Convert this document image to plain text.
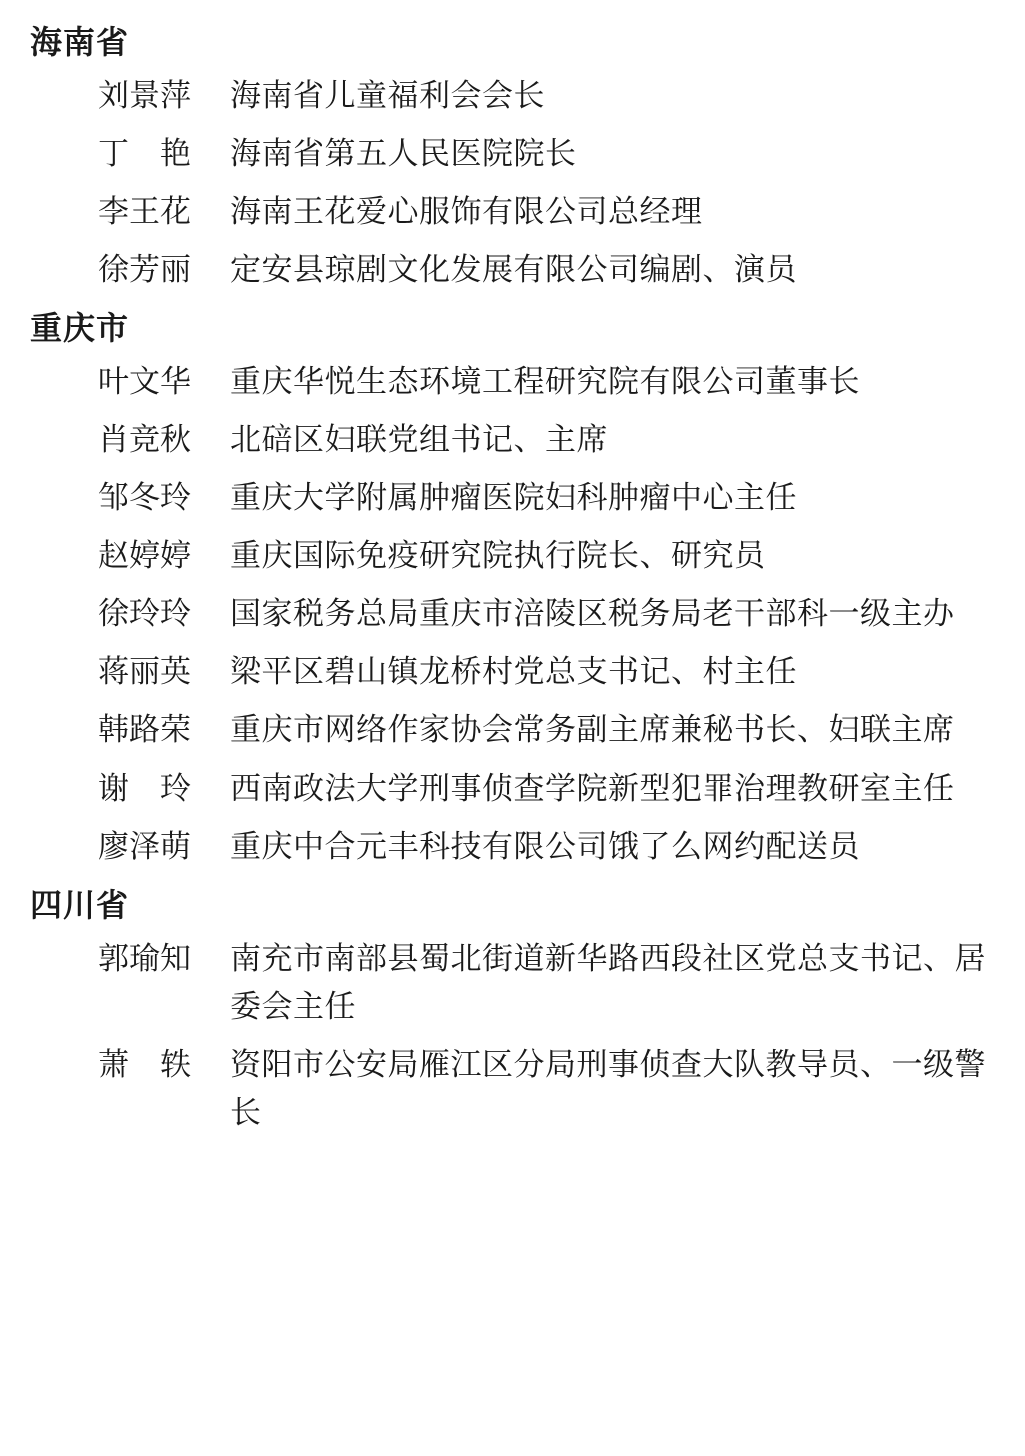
海南省
刘景萍	海南省儿童福利会会长
丁　艳	海南省第五人民医院院长
李王花	海南王花爱心服饰有限公司总经理
徐芳丽	定安县琼剧文化发展有限公司编剧、演员
重庆市
叶文华	重庆华悦生态环境工程研究院有限公司董事长
肖竞秋	北碚区妇联党组书记、主席
邹冬玲	重庆大学附属肿瘤医院妇科肿瘤中心主任
赵婷婷	重庆国际免疫研究院执行院长、研究员
徐玲玲	国家税务总局重庆市涪陵区税务局老干部科一级主办
蒋丽英	梁平区碧山镇龙桥村党总支书记、村主任
韩路荣	重庆市网络作家协会常务副主席兼秘书长、妇联主席
谢　玲	西南政法大学刑事侦查学院新型犯罪治理教研室主任
廖泽萌	重庆中合元丰科技有限公司饿了么网约配送员
四川省
郭瑜知	南充市南部县蜀北街道新华路西段社区党总支书记、居委会主任
萧　轶	资阳市公安局雁江区分局刑事侦查大队教导员、一级警长
